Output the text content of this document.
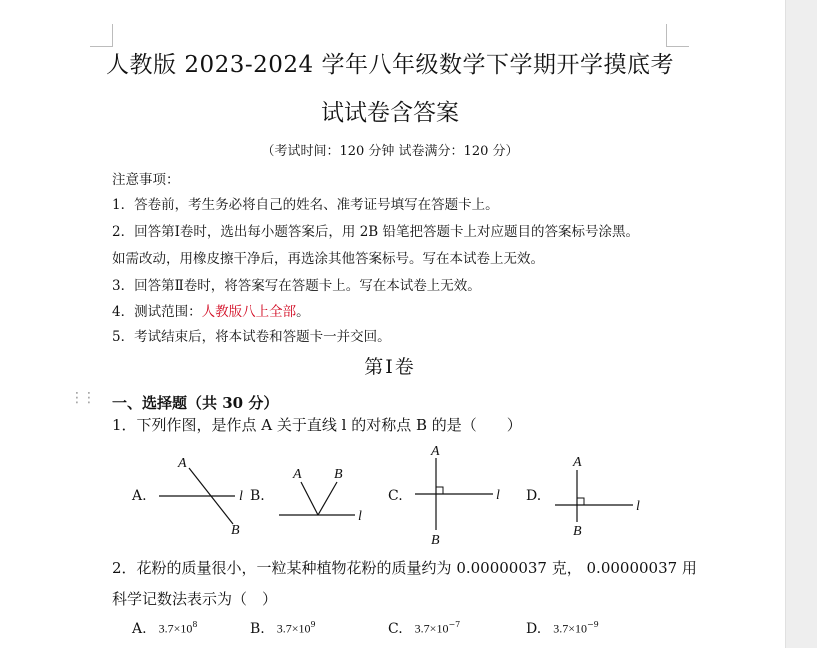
人教版 2023-2024 学年八年级数学下学期开学摸底考
试试卷含答案
（考试时间：120 分钟 试卷满分：120 分）
注意事项：
1．答卷前，考生务必将自己的姓名、准考证号填写在答题卡上。
2．回答第Ⅰ卷时，选出每小题答案后，用 2B 铅笔把答题卡上对应题目的答案标号涂黑。
如需改动，用橡皮擦干净后，再选涂其他答案标号。写在本试卷上无效。
3．回答第Ⅱ卷时，将答案写在答题卡上。写在本试卷上无效。
4．测试范围：人教版八上全部。
5．考试结束后，将本试卷和答题卡一并交回。
第Ⅰ卷
⋮⋮ 一、选择题（共 30 分）
1．下列作图，是作点 A 关于直线 l 的对称点 B 的是（　　）
A.
A
B
l B.
A B
l
C.
A
B
l D.
A
B
l
2．花粉的质量很小，一粒某种植物花粉的质量约为 0.00000037 克， 0.00000037 用
科学记数法表示为（　）
A. $3.7\times 10^8$	B. $3.7\times 10^9$	C. $3.7\times 10^{-7}$	D. $3.7\times 10^{-9}$
